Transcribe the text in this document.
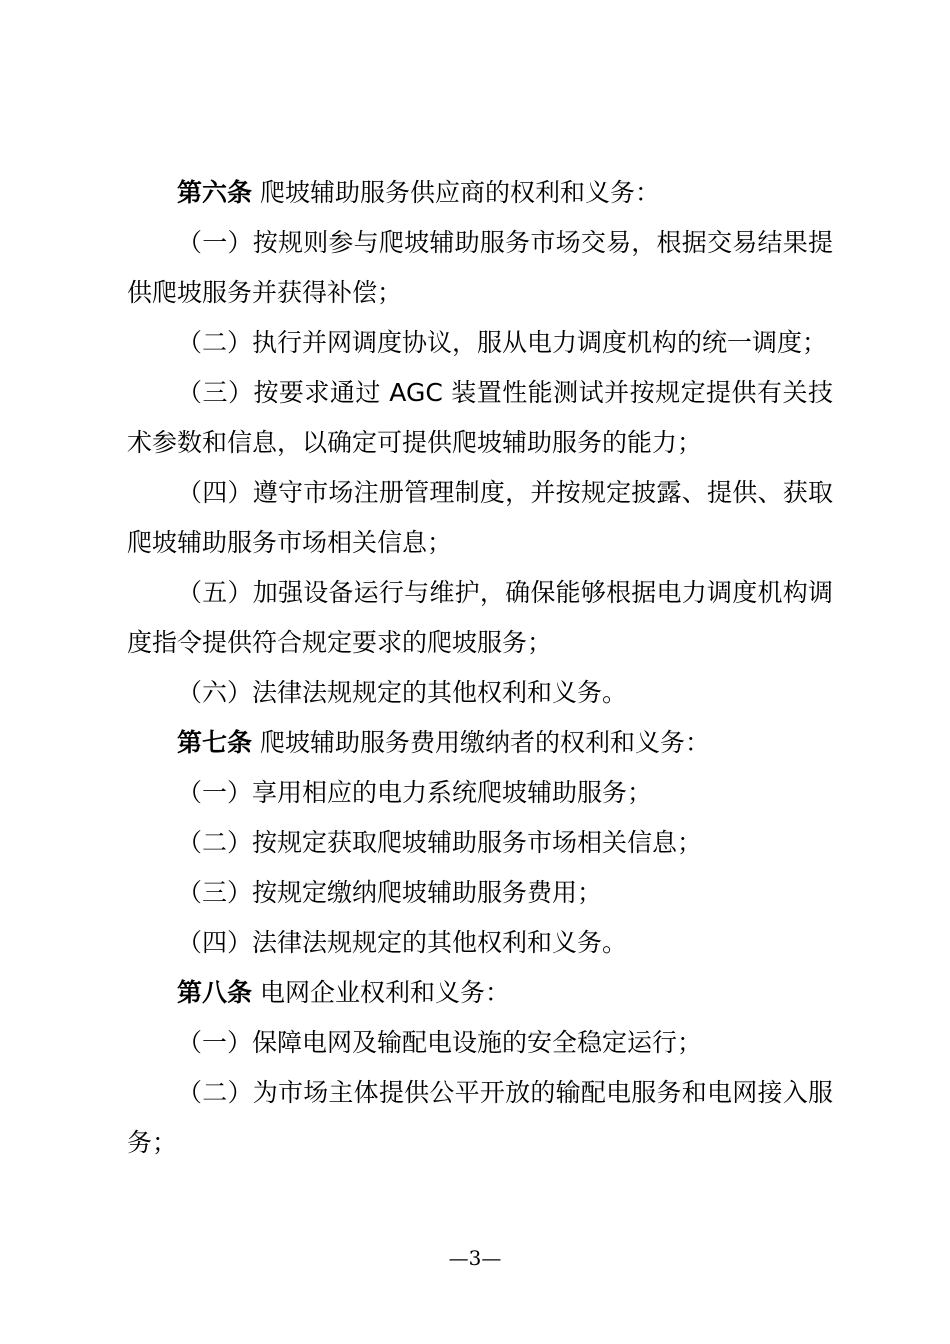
第六条 爬坡辅助服务供应商的权利和义务：

（一）按规则参与爬坡辅助服务市场交易，根据交易结果提供爬坡服务并获得补偿；

（二）执行并网调度协议，服从电力调度机构的统一调度；

（三）按要求通过 AGC 装置性能测试并按规定提供有关技术参数和信息，以确定可提供爬坡辅助服务的能力；

（四）遵守市场注册管理制度，并按规定披露、提供、获取爬坡辅助服务市场相关信息；

（五）加强设备运行与维护，确保能够根据电力调度机构调度指令提供符合规定要求的爬坡服务；

（六）法律法规规定的其他权利和义务。

第七条 爬坡辅助服务费用缴纳者的权利和义务：

（一）享用相应的电力系统爬坡辅助服务；

（二）按规定获取爬坡辅助服务市场相关信息；

（三）按规定缴纳爬坡辅助服务费用；

（四）法律法规规定的其他权利和义务。

第八条 电网企业权利和义务：

（一）保障电网及输配电设施的安全稳定运行；

（二）为市场主体提供公平开放的输配电服务和电网接入服务；

—3—
